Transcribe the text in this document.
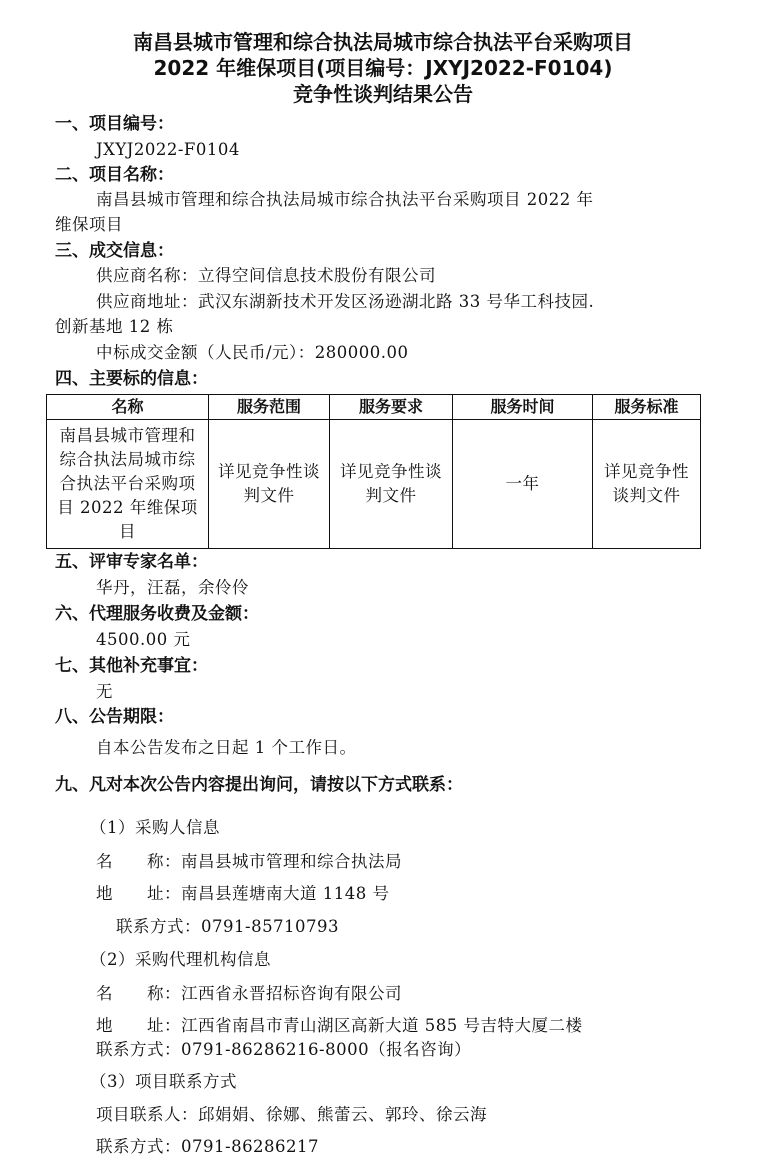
南昌县城市管理和综合执法局城市综合执法平台采购项目
2022 年维保项目(项目编号：JXYJ2022-F0104)
竞争性谈判结果公告
一、项目编号：
JXYJ2022-F0104
二、项目名称：
南昌县城市管理和综合执法局城市综合执法平台采购项目 2022 年
维保项目
三、成交信息：
供应商名称：立得空间信息技术股份有限公司
供应商地址：武汉东湖新技术开发区汤逊湖北路 33 号华工科技园.
创新基地 12 栋
中标成交金额（人民币/元）：280000.00
四、主要标的信息：
名称	服务范围	服务要求	服务时间	服务标准
南昌县城市管理和综合执法局城市综合执法平台采购项目 2022 年维保项目	详见竞争性谈判文件	详见竞争性谈判文件	一年	详见竞争性谈判文件
五、评审专家名单：
华丹，汪磊，余伶伶
六、代理服务收费及金额：
4500.00 元
七、其他补充事宜：
无
八、公告期限：
自本公告发布之日起 1 个工作日。
九、凡对本次公告内容提出询问，请按以下方式联系：
（1）采购人信息
名　　称：南昌县城市管理和综合执法局
地　　址：南昌县莲塘南大道 1148 号
联系方式：0791-85710793
（2）采购代理机构信息
名　　称：江西省永晋招标咨询有限公司
地　　址：江西省南昌市青山湖区高新大道 585 号吉特大厦二楼
联系方式：0791-86286216-8000（报名咨询）
（3）项目联系方式
项目联系人：邱娟娟、徐娜、熊蕾云、郭玲、徐云海
联系方式：0791-86286217
